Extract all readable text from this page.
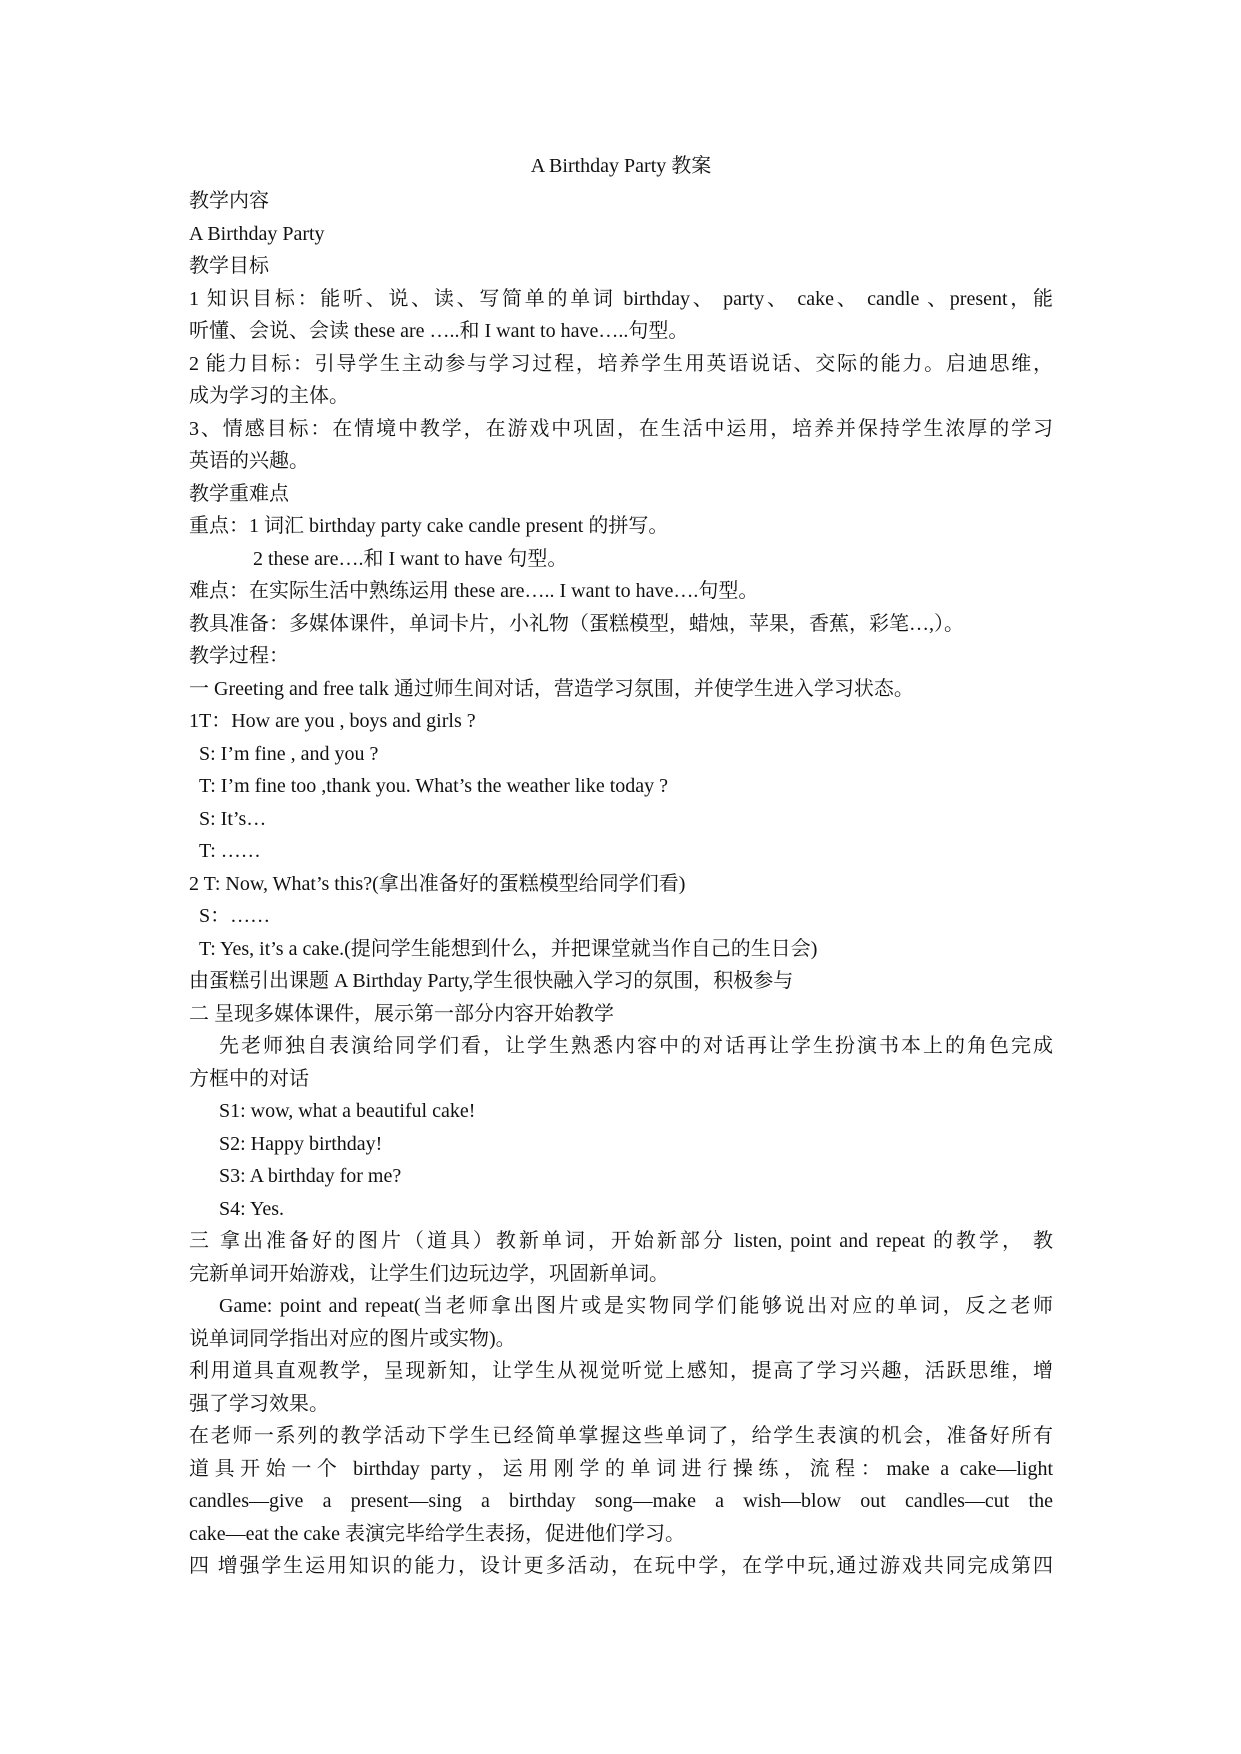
A Birthday Party 教案
教学内容
A Birthday Party
教学目标
1 知识目标：能听、说、读、写简单的单词 birthday、 party、 cake、 candle 、present，能
听懂、会说、会读 these are …..和 I want to have…..句型。
2 能力目标：引导学生主动参与学习过程，培养学生用英语说话、交际的能力。启迪思维，
成为学习的主体。
3、情感目标：在情境中教学，在游戏中巩固，在生活中运用，培养并保持学生浓厚的学习
英语的兴趣。
教学重难点
重点：1 词汇 birthday party cake candle present 的拼写。
2 these are….和 I want to have 句型。
难点：在实际生活中熟练运用 these are….. I want to have….句型。
教具准备：多媒体课件，单词卡片，小礼物（蛋糕模型，蜡烛，苹果，香蕉，彩笔…,）。
教学过程：
一 Greeting and free talk 通过师生间对话，营造学习氛围，并使学生进入学习状态。
1T：How are you , boys and girls ?
S: I’m fine , and you ?
T: I’m fine too ,thank you. What’s the weather like today ?
S: It’s…
T: ……
2 T: Now, What’s this?(拿出准备好的蛋糕模型给同学们看)
S：……
T: Yes, it’s a cake.(提问学生能想到什么，并把课堂就当作自己的生日会)
由蛋糕引出课题 A Birthday Party,学生很快融入学习的氛围，积极参与
二 呈现多媒体课件，展示第一部分内容开始教学
先老师独自表演给同学们看，让学生熟悉内容中的对话再让学生扮演书本上的角色完成
方框中的对话
S1: wow, what a beautiful cake!
S2: Happy birthday!
S3: A birthday for me?
S4: Yes.
三 拿出准备好的图片（道具）教新单词，开始新部分 listen, point and repeat 的教学， 教
完新单词开始游戏，让学生们边玩边学，巩固新单词。
Game: point and repeat(当老师拿出图片或是实物同学们能够说出对应的单词，反之老师
说单词同学指出对应的图片或实物)。
利用道具直观教学，呈现新知，让学生从视觉听觉上感知，提高了学习兴趣，活跃思维，增
强了学习效果。
在老师一系列的教学活动下学生已经简单掌握这些单词了，给学生表演的机会，准备好所有
道具开始一个 birthday party，运用刚学的单词进行操练，流程：make a cake—light
candles—give a present—sing a birthday song—make a wish—blow out candles—cut the
cake—eat the cake 表演完毕给学生表扬，促进他们学习。
四 增强学生运用知识的能力，设计更多活动，在玩中学，在学中玩,通过游戏共同完成第四
